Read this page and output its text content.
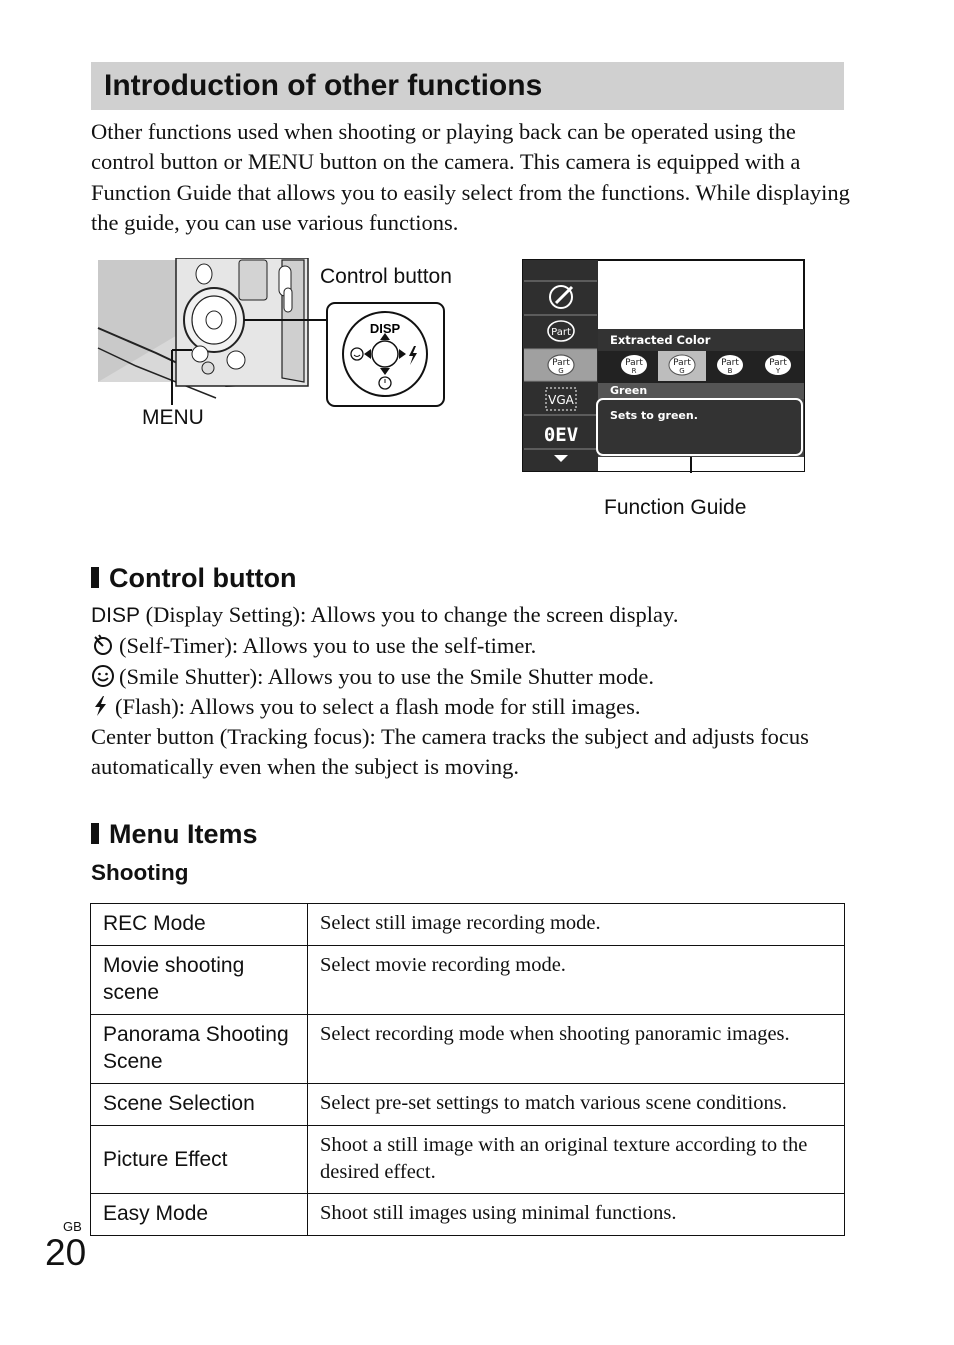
Introduction of other functions
Other functions used when shooting or playing back can be operated using the control button or MENU button on the camera. This camera is equipped with a Function Guide that allows you to easily select from the functions. While displaying the guide, you can use various functions.
DISP
Control button
MENU
Part
Part
G
VGA
0EV
Extracted Color
Part
R
Part
G
Part
B
Part
Y
Green
Sets to green.
Function Guide
Control button
DISP (Display Setting): Allows you to change the screen display.
(Self-Timer): Allows you to use the self-timer.
(Smile Shutter): Allows you to use the Smile Shutter mode.
(Flash): Allows you to select a flash mode for still images.
Center button (Tracking focus): The camera tracks the subject and adjusts focus automatically even when the subject is moving.
Menu Items
Shooting
REC Mode	Select still image recording mode.
Movie shooting scene	Select movie recording mode.
Panorama Shooting Scene	Select recording mode when shooting panoramic images.
Scene Selection	Select pre-set settings to match various scene conditions.
Picture Effect	Shoot a still image with an original texture according to the desired effect.
Easy Mode	Shoot still images using minimal functions.
GB
20
